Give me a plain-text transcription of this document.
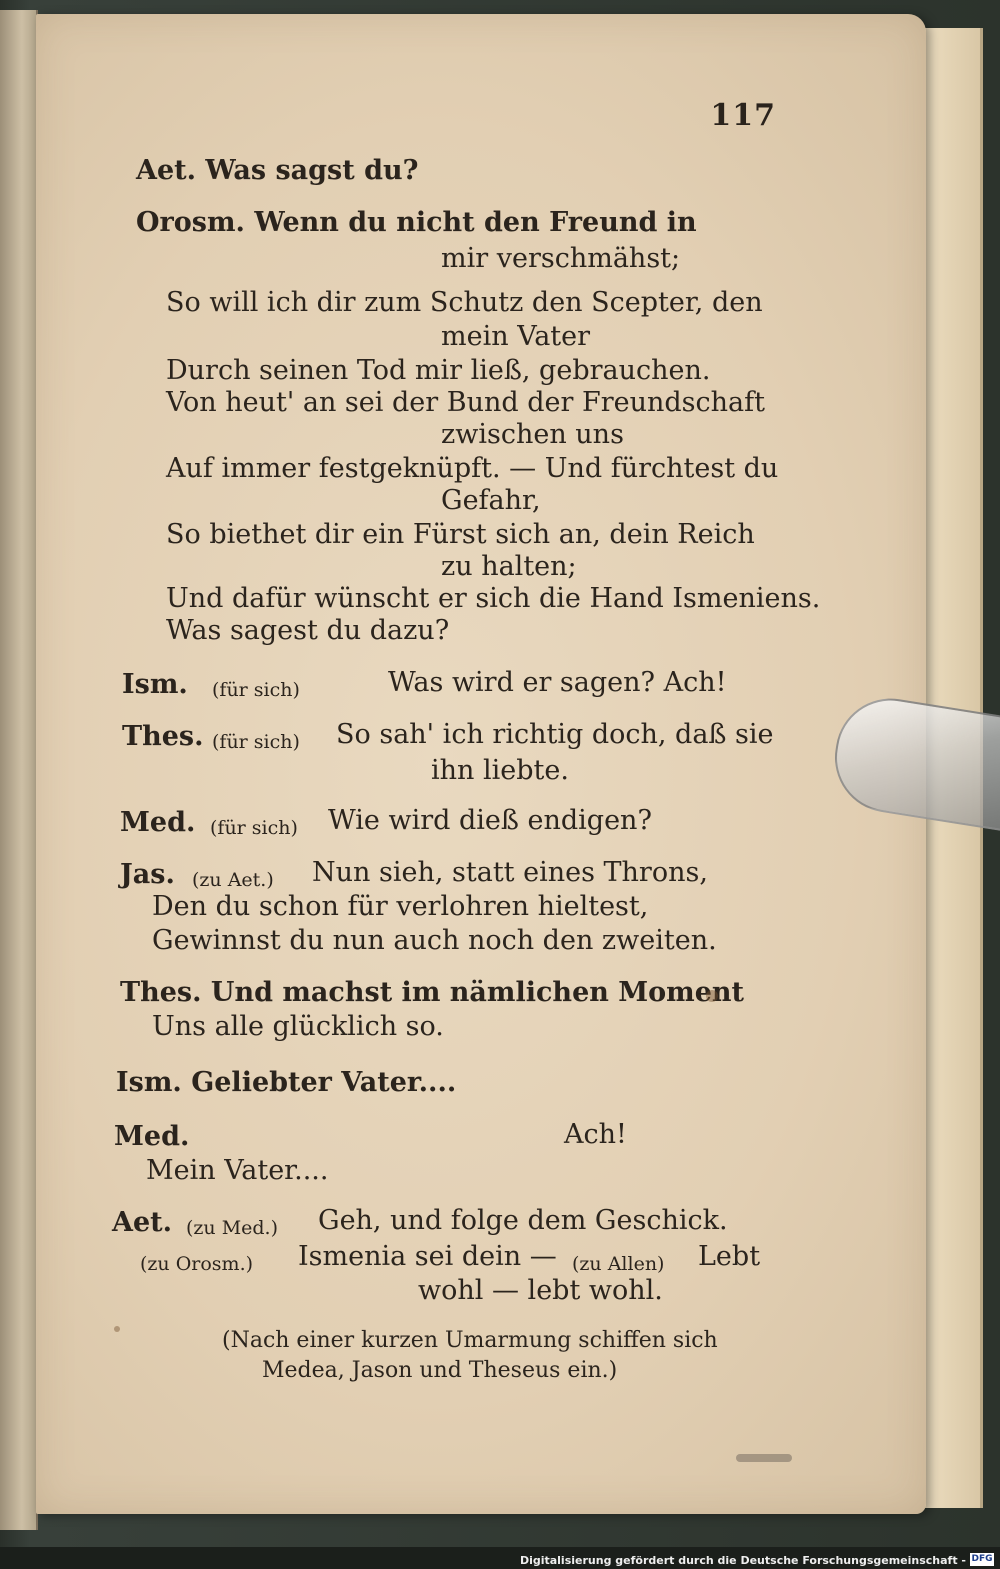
117
Aet. Was sagst du?
Orosm. Wenn du nicht den Freund in
mir verschmähst;
So will ich dir zum Schutz den Scepter, den
mein Vater
Durch seinen Tod mir ließ, gebrauchen.
Von heut' an sei der Bund der Freundschaft
zwischen uns
Auf immer festgeknüpft. — Und fürchtest du
Gefahr,
So biethet dir ein Fürst sich an, dein Reich
zu halten;
Und dafür wünscht er sich die Hand Ismeniens.
Was sagest du dazu?
Ism. (für sich)	Was wird er sagen? Ach!
Thes. (für sich) So sah' ich richtig doch, daß sie
ihn liebte.
Med. (für sich) Wie wird dieß endigen?
Jas. (zu Aet.) Nun sieh, statt eines Throns,
Den du schon für verlohren hieltest,
Gewinnst du nun auch noch den zweiten.
Thes. Und machst im nämlichen Moment
Uns alle glücklich so.
Ism. Geliebter Vater....
Med.	Ach!
Mein Vater....
Aet. (zu Med.) Geh, und folge dem Geschick.
(zu Orosm.) Ismenia sei dein — (zu Allen) Lebt
wohl — lebt wohl.
(Nach einer kurzen Umarmung schiffen sich
Medea, Jason und Theseus ein.)
Digitalisierung gefördert durch die Deutsche Forschungsgemeinschaft - DFG
